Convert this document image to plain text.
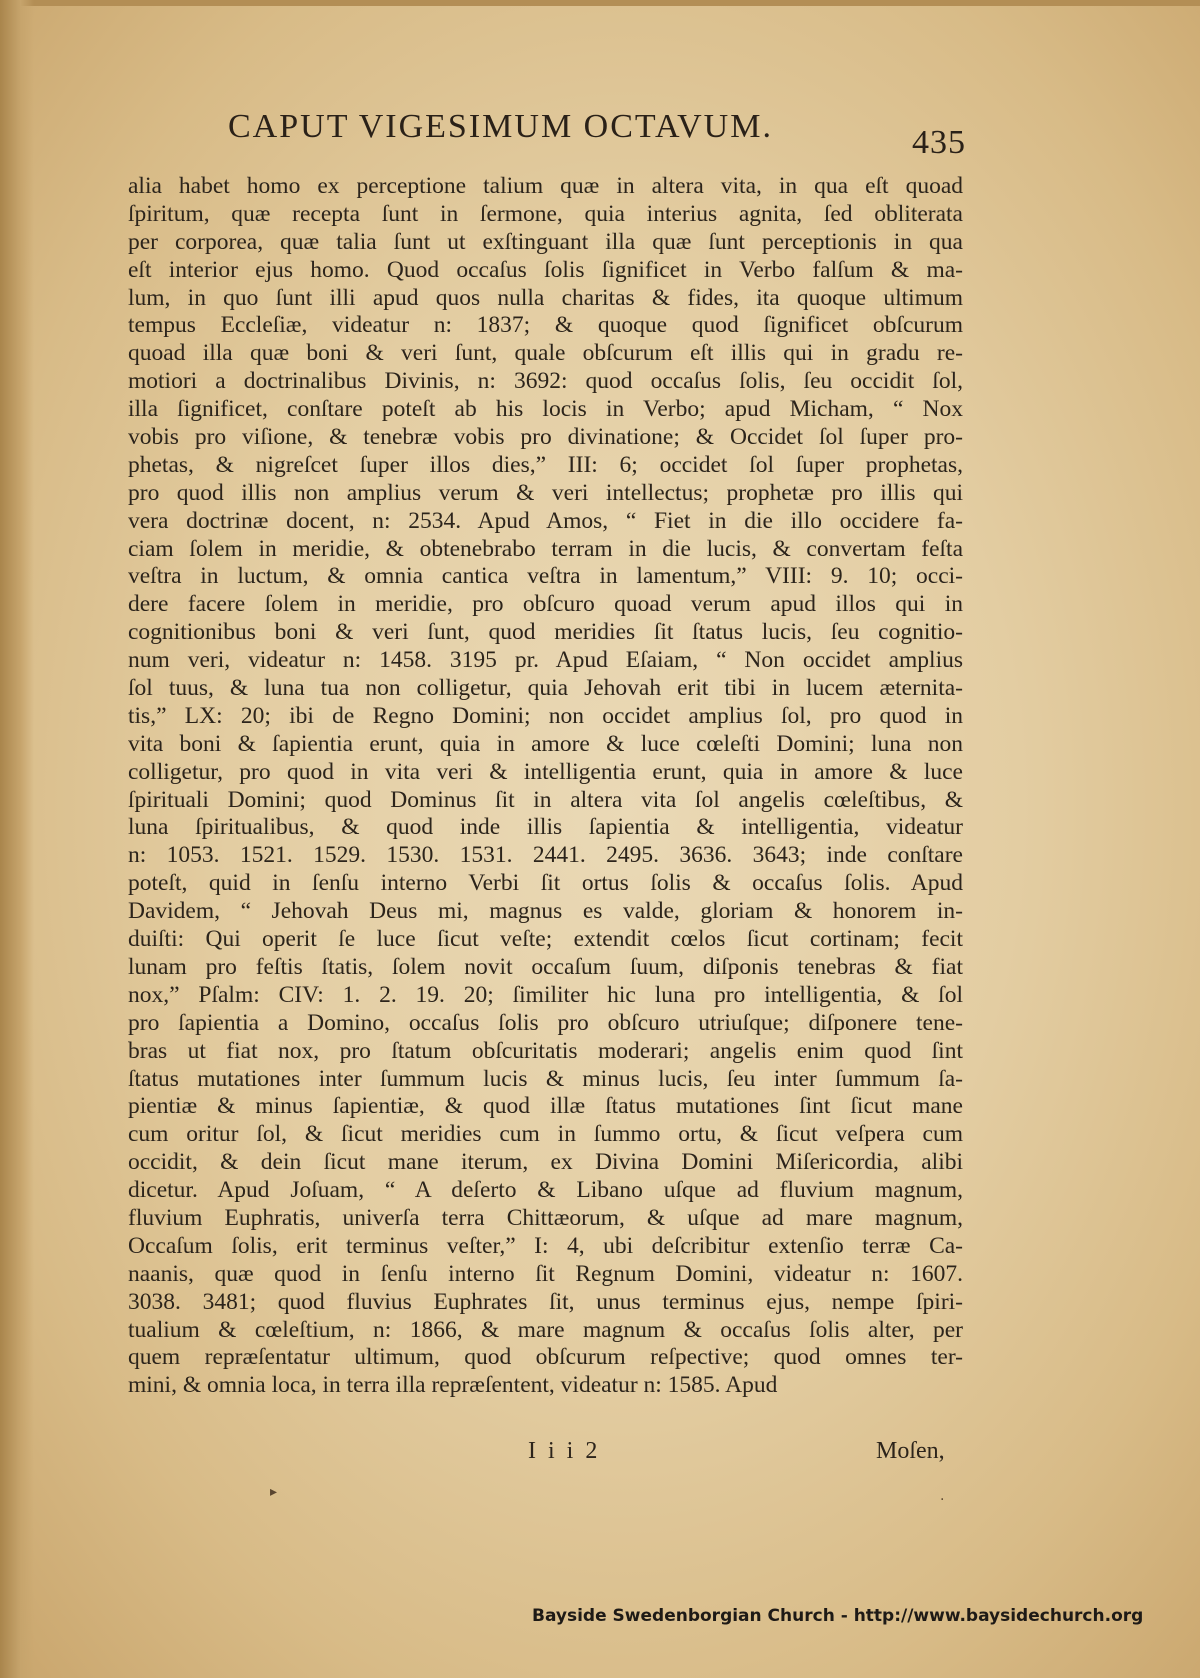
CAPUT VIGESIMUM OCTAVUM.	435
alia habet homo ex perceptione talium quæ in altera vita, in qua eſt quoad
ſpiritum, quæ recepta ſunt in ſermone, quia interius agnita, ſed obliterata
per corporea, quæ talia ſunt ut exſtinguant illa quæ ſunt perceptionis in qua
eſt interior ejus homo. Quod occaſus ſolis ſignificet in Verbo falſum & ma-
lum, in quo ſunt illi apud quos nulla charitas & fides, ita quoque ultimum
tempus Eccleſiæ, videatur n: 1837; & quoque quod ſignificet obſcurum
quoad illa quæ boni & veri ſunt, quale obſcurum eſt illis qui in gradu re-
motiori a doctrinalibus Divinis, n: 3692: quod occaſus ſolis, ſeu occidit ſol,
illa ſignificet, conſtare poteſt ab his locis in Verbo; apud Micham, “ Nox
vobis pro viſione, & tenebræ vobis pro divinatione; & Occidet ſol ſuper pro-
phetas, & nigreſcet ſuper illos dies,” III: 6; occidet ſol ſuper prophetas,
pro quod illis non amplius verum & veri intellectus; prophetæ pro illis qui
vera doctrinæ docent, n: 2534. Apud Amos, “ Fiet in die illo occidere fa-
ciam ſolem in meridie, & obtenebrabo terram in die lucis, & convertam feſta
veſtra in luctum, & omnia cantica veſtra in lamentum,” VIII: 9. 10; occi-
dere facere ſolem in meridie, pro obſcuro quoad verum apud illos qui in
cognitionibus boni & veri ſunt, quod meridies ſit ſtatus lucis, ſeu cognitio-
num veri, videatur n: 1458. 3195 pr. Apud Eſaiam, “ Non occidet amplius
ſol tuus, & luna tua non colligetur, quia Jehovah erit tibi in lucem æternita-
tis,” LX: 20; ibi de Regno Domini; non occidet amplius ſol, pro quod in
vita boni & ſapientia erunt, quia in amore & luce cœleſti Domini; luna non
colligetur, pro quod in vita veri & intelligentia erunt, quia in amore & luce
ſpirituali Domini; quod Dominus ſit in altera vita ſol angelis cœleſtibus, &
luna ſpiritualibus, & quod inde illis ſapientia & intelligentia, videatur
n: 1053. 1521. 1529. 1530. 1531. 2441. 2495. 3636. 3643; inde conſtare
poteſt, quid in ſenſu interno Verbi ſit ortus ſolis & occaſus ſolis. Apud
Davidem, “ Jehovah Deus mi, magnus es valde, gloriam & honorem in-
duiſti: Qui operit ſe luce ſicut veſte; extendit cœlos ſicut cortinam; fecit
lunam pro feſtis ſtatis, ſolem novit occaſum ſuum, diſponis tenebras & fiat
nox,” Pſalm: CIV: 1. 2. 19. 20; ſimiliter hic luna pro intelligentia, & ſol
pro ſapientia a Domino, occaſus ſolis pro obſcuro utriuſque; diſponere tene-
bras ut fiat nox, pro ſtatum obſcuritatis moderari; angelis enim quod ſint
ſtatus mutationes inter ſummum lucis & minus lucis, ſeu inter ſummum ſa-
pientiæ & minus ſapientiæ, & quod illæ ſtatus mutationes ſint ſicut mane
cum oritur ſol, & ſicut meridies cum in ſummo ortu, & ſicut veſpera cum
occidit, & dein ſicut mane iterum, ex Divina Domini Miſericordia, alibi
dicetur. Apud Joſuam, “ A deſerto & Libano uſque ad fluvium magnum,
fluvium Euphratis, univerſa terra Chittæorum, & uſque ad mare magnum,
Occaſum ſolis, erit terminus veſter,” I: 4, ubi deſcribitur extenſio terræ Ca-
naanis, quæ quod in ſenſu interno ſit Regnum Domini, videatur n: 1607.
3038. 3481; quod fluvius Euphrates ſit, unus terminus ejus, nempe ſpiri-
tualium & cœleſtium, n: 1866, & mare magnum & occaſus ſolis alter, per
quem repræſentatur ultimum, quod obſcurum reſpective; quod omnes ter-
mini, & omnia loca, in terra illa repræſentent, videatur n: 1585. Apud
I i i 2	Moſen,
▸	·
Bayside Swedenborgian Church - http://www.baysidechurch.org
